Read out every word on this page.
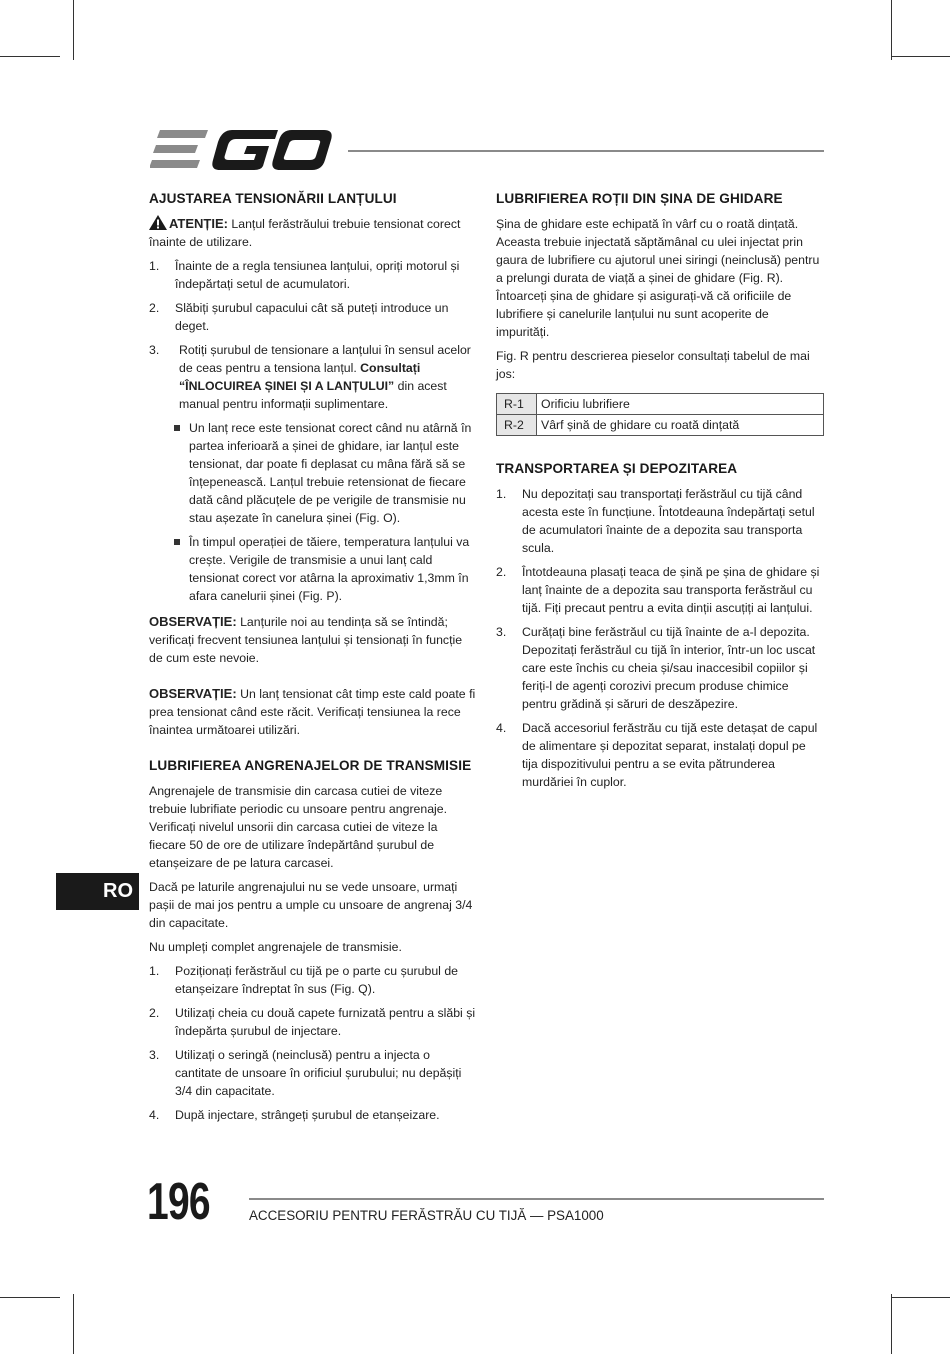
AJUSTAREA TENSIONĂRII LANȚULUI

ATENȚIE: Lanțul ferăstrăului trebuie tensionat corect înainte de utilizare.

1. Înainte de a regla tensiunea lanțului, opriți motorul și îndepărtați setul de acumulatori.
2. Slăbiți șurubul capacului cât să puteți introduce un deget.
3. Rotiți șurubul de tensionare a lanțului în sensul acelor de ceas pentru a tensiona lanțul. Consultați “ÎNLOCUIREA ȘINEI ȘI A LANȚULUI” din acest manual pentru informații suplimentare.
Un lanț rece este tensionat corect când nu atârnă în partea inferioară a șinei de ghidare, iar lanțul este tensionat, dar poate fi deplasat cu mâna fără să se înțepenească. Lanțul trebuie retensionat de fiecare dată când plăcuțele de pe verigile de transmisie nu stau așezate în canelura șinei (Fig. O).
În timpul operației de tăiere, temperatura lanțului va crește. Verigile de transmisie a unui lanț cald tensionat corect vor atârna la aproximativ 1,3mm în afara canelurii șinei (Fig. P).

OBSERVAȚIE: Lanțurile noi au tendința să se întindă; verificați frecvent tensiunea lanțului și tensionați în funcție de cum este nevoie.

OBSERVAȚIE: Un lanț tensionat cât timp este cald poate fi prea tensionat când este răcit. Verificați tensiunea la rece înaintea următoarei utilizări.

LUBRIFIEREA ANGRENAJELOR DE TRANSMISIE

Angrenajele de transmisie din carcasa cutiei de viteze trebuie lubrifiate periodic cu unsoare pentru angrenaje. Verificați nivelul unsorii din carcasa cutiei de viteze la fiecare 50 de ore de utilizare îndepărtând șurubul de etanșeizare de pe latura carcasei.

Dacă pe laturile angrenajului nu se vede unsoare, urmați pașii de mai jos pentru a umple cu unsoare de angrenaj 3/4 din capacitate.

Nu umpleți complet angrenajele de transmisie.

1. Poziționați ferăstrăul cu tijă pe o parte cu șurubul de etanșeizare îndreptat în sus (Fig. Q).
2. Utilizați cheia cu două capete furnizată pentru a slăbi și îndepărta șurubul de injectare.
3. Utilizați o seringă (neinclusă) pentru a injecta o cantitate de unsoare în orificiul șurubului; nu depășiți 3/4 din capacitate.
4. După injectare, strângeți șurubul de etanșeizare.
LUBRIFIEREA ROȚII DIN ȘINA DE GHIDARE

Șina de ghidare este echipată în vârf cu o roată dințată. Aceasta trebuie injectată săptămânal cu ulei injectat prin gaura de lubrifiere cu ajutorul unei siringi (neinclusă) pentru a prelungi durata de viață a șinei de ghidare (Fig. R). Întoarceți șina de ghidare și asigurați-vă că orificiile de lubrifiere și canelurile lanțului nu sunt acoperite de impurități.

Fig. R pentru descrierea pieselor consultați tabelul de mai jos:

R-1	Orificiu lubrifiere
R-2	Vârf șină de ghidare cu roată dințată
TRANSPORTAREA ȘI DEPOZITAREA
1. Nu depozitați sau transportați ferăstrăul cu tijă când acesta este în funcțiune. Întotdeauna îndepărtați setul de acumulatori înainte de a depozita sau transporta scula.
2. Întotdeauna plasați teaca de șină pe șina de ghidare și lanț înainte de a depozita sau transporta ferăstrăul cu tijă. Fiți precaut pentru a evita dinții ascuțiți ai lanțului.
3. Curățați bine ferăstrăul cu tijă înainte de a-l depozita. Depozitați ferăstrăul cu tijă în interior, într-un loc uscat care este închis cu cheia și/sau inaccesibil copiilor și feriți-l de agenți corozivi precum produse chimice pentru grădină și săruri de deszăpezire.
4. Dacă accesoriul ferăstrău cu tijă este detașat de capul de alimentare și depozitat separat, instalați dopul pe tija dispozitivului pentru a se evita pătrunderea murdăriei în cuplor.
RO
196	ACCESORIU PENTRU FERĂSTRĂU CU TIJĂ — PSA1000
